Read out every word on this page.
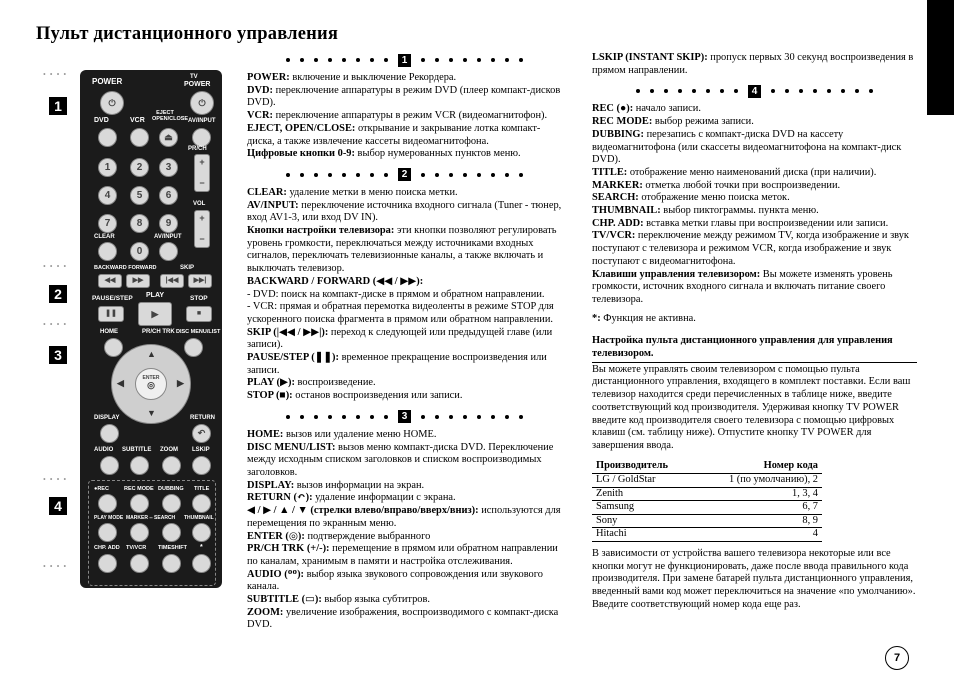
Пульт дистанционного управления
1
2
3
4
• • • •
• • • •
• • • •
• • • •
• • • •
POWER	TV
POWER
⏻	⏻
DVD	VCR
EJECT OPEN/CLOSE AV/INPUT
⏏
1	2	3
4	5	6
7	8	9
CLEAR	AV/INPUT
0
PR/CH
+
−
VOL
+
−
BACKWARD FORWARD	SKIP
◀◀	▶▶	|◀◀	▶▶|
PAUSE/STEP PLAY	STOP
❚❚	▶	■
HOME	PR/CH TRK DISC MENU/LIST
▲
▼
◀	▶
ENTER
◎
DISPLAY	RETURN
↶
AUDIO SUBTITLE ZOOM LSKIP
●REC	REC MODE DUBBING TITLE
PLAY MODE MARKER -- SEARCH THUMBNAIL
CHP. ADD TV/VCR TIMESHIFT *
1

POWER: включение и выключение Рекордера.

DVD: переключение аппаратуры в режим DVD (плеер компакт-дисков DVD).

VCR: переключение аппаратуры в режим VCR (видеомагнитофон).

EJECT, OPEN/CLOSE: открывание и закрывание лотка компакт-диска, а также извлечение кассеты видеомагнитофона.

Цифровые кнопки 0-9: выбор нумерованных пунктов меню.

2

CLEAR: удаление метки в меню поиска метки.

AV/INPUT: переключение источника входного сигнала (Tuner - тюнер, вход AV1-3, или вход DV IN).

Кнопки настройки телевизора: эти кнопки позволяют регулировать уровень громкости, переключаться между источниками входных сигналов, переключать телевизионные каналы, а также включать и выключать телевизор.

BACKWARD / FORWARD (◀◀ / ▶▶):

- DVD: поиск на компакт-диске в прямом и обратном направлении.

- VCR: прямая и обратная перемотка видеоленты в режиме STOP для ускоренного поиска фрагмента в прямом или обратном направлении.

SKIP (|◀◀ / ▶▶|): переход к следующей или предыдущей главе (или записи).

PAUSE/STEP (❚❚): временное прекращение воспроизведения или записи.

PLAY (▶): воспроизведение.

STOP (■): останов воспроизведения или записи.

3

HOME: вызов или удаление меню HOME.

DISC MENU/LIST: вызов меню компакт-диска DVD. Переключение между исходным списком заголовков и списком воспроизводимых заголовков.

DISPLAY: вызов информации на экран.

RETURN (↶): удаление информации с экрана.

◀ / ▶ / ▲ / ▼ (стрелки влево/вправо/вверх/вниз): используются для перемещения по экранным меню.

ENTER (◎): подтверждение выбранного

PR/CH TRK (+/-): перемещение в прямом или обратном направлении по каналам, хранимым в памяти и настройка отслеживания.

AUDIO (ᴼᴼ): выбор языка звукового сопровождения или звукового канала.

SUBTITLE (▭): выбор языка субтитров.

ZOOM: увеличение изображения, воспроизводимого с компакт-диска DVD.

LSKIP (INSTANT SKIP): пропуск первых 30 секунд воспроизведения в прямом направлении.

4

REC (●): начало записи.

REC MODE: выбор режима записи.

DUBBING: перезапись с компакт-диска DVD на кассету видеомагнитофона (или скассеты видеомагнитофона на компакт-диск DVD).

TITLE: отображение меню наименований диска (при наличии).

MARKER: отметка любой точки при воспроизведении.

SEARCH: отображение меню поиска меток.

THUMBNAIL: выбор пиктограммы. пункта меню.

CHP. ADD: вставка метки главы при воспроизведении или записи.

TV/VCR: переключение между режимом TV, когда изображение и звук поступают с телевизора и режимом VCR, когда изображение и звук поступают с видеомагнитофона.

Клавиши управления телевизором: Вы можете изменять уровень громкости, источник входного сигнала и включать питание своего телевизора.

*: Функция не активна.

Настройка пульта дистанционного управления для управления телевизором.

Вы можете управлять своим телевизором с помощью пульта дистанционного управления, входящего в комплект поставки. Если ваш телевизор находится среди перечисленных в таблице ниже, введите соответствующий код производителя. Удерживая кнопку TV POWER введите код производителя своего телевизора с помощью цифровых клавиш (см. таблицу ниже). Отпустите кнопку TV POWER для завершения ввода.

Производитель	Номер кода
LG / GoldStar	1 (по умолчанию), 2
Zenith	1, 3, 4
Samsung	6, 7
Sony	8, 9
Hitachi	4

В зависимости от устройства вашего телевизора некоторые или все кнопки могут не функционировать, даже после ввода правильного кода производителя. При замене батарей пульта дистанционного управления, введенный вами код может переключиться на значение «по умолчанию». Введите соответствующий номер кода еще раз.

7
